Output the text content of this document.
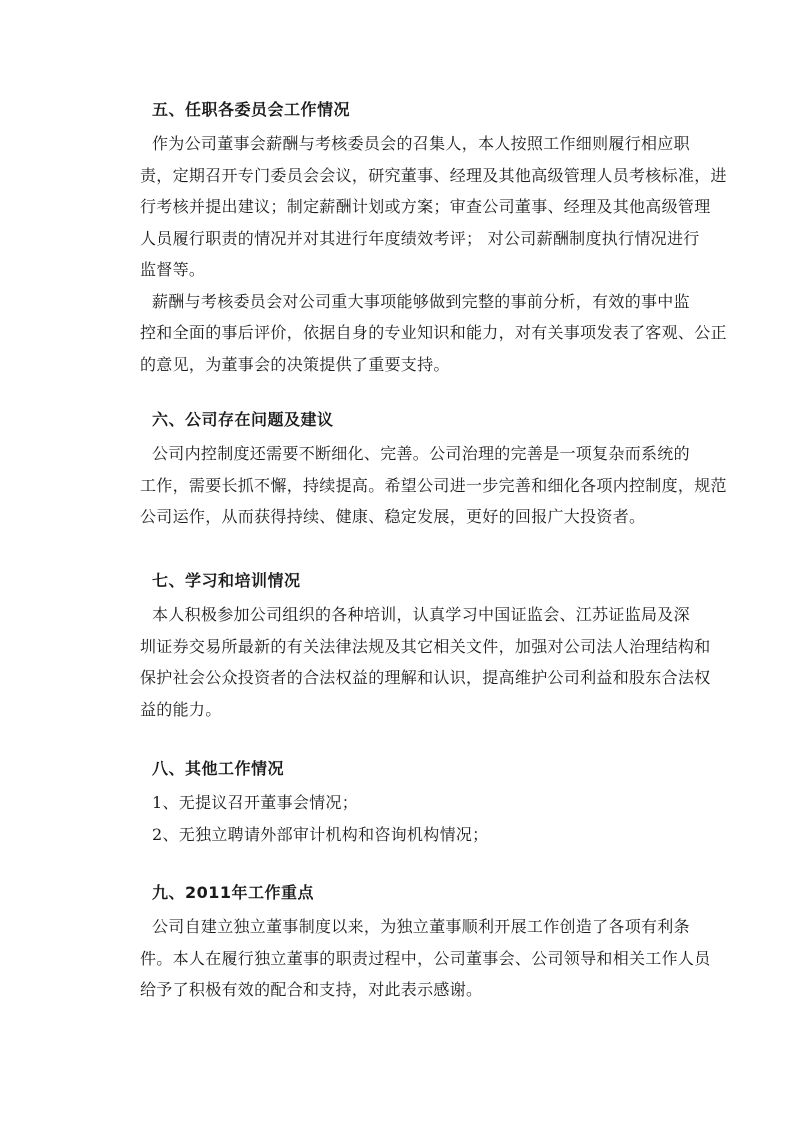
五、任职各委员会工作情况
作为公司董事会薪酬与考核委员会的召集人，本人按照工作细则履行相应职
责，定期召开专门委员会会议，研究董事、经理及其他高级管理人员考核标准，进
行考核并提出建议；制定薪酬计划或方案；审查公司董事、经理及其他高级管理
人员履行职责的情况并对其进行年度绩效考评； 对公司薪酬制度执行情况进行
监督等。
薪酬与考核委员会对公司重大事项能够做到完整的事前分析，有效的事中监
控和全面的事后评价，依据自身的专业知识和能力，对有关事项发表了客观、公正
的意见，为董事会的决策提供了重要支持。
六、公司存在问题及建议
公司内控制度还需要不断细化、完善。公司治理的完善是一项复杂而系统的
工作，需要长抓不懈，持续提高。希望公司进一步完善和细化各项内控制度，规范
公司运作，从而获得持续、健康、稳定发展，更好的回报广大投资者。
七、学习和培训情况
本人积极参加公司组织的各种培训，认真学习中国证监会、江苏证监局及深
圳证券交易所最新的有关法律法规及其它相关文件，加强对公司法人治理结构和
保护社会公众投资者的合法权益的理解和认识，提高维护公司利益和股东合法权
益的能力。
八、其他工作情况
1、无提议召开董事会情况；
2、无独立聘请外部审计机构和咨询机构情况；
九、2011年工作重点
公司自建立独立董事制度以来，为独立董事顺利开展工作创造了各项有利条
件。本人在履行独立董事的职责过程中，公司董事会、公司领导和相关工作人员
给予了积极有效的配合和支持，对此表示感谢。
